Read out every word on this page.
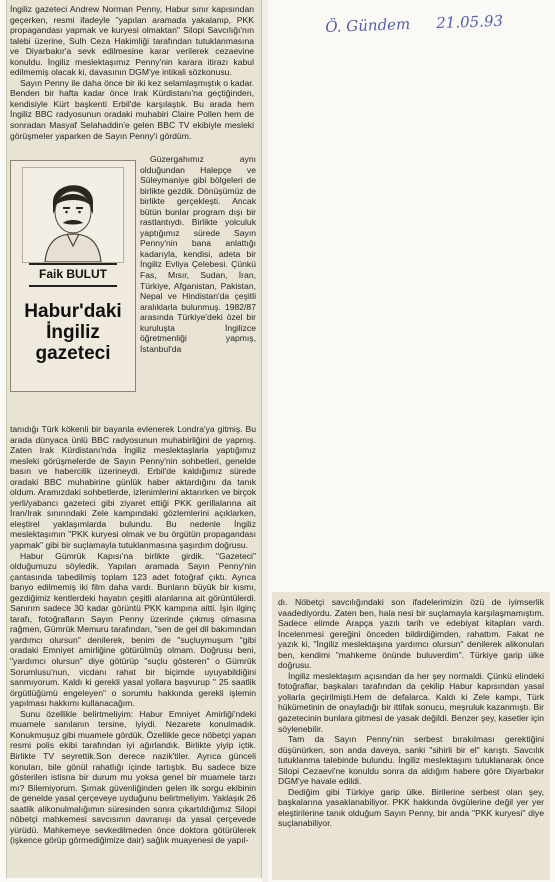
Ö. Gündem 21.05.93

İngiliz gazeteci Andrew Norman Penny, Habur sınır kapısından geçerken, resmi ifadeyle "yapılan aramada yakalanıp, PKK propagandası yapmak ve kuryesi olmaktan" Silopi Savcılığı'nın talebi üzerine, Sulh Ceza Hakimliği tarafından tutuklanmasına ve Diyarbakır'a sevk edilmesine karar verilerek cezaevine konuldu. İngiliz meslektaşımız Penny'nin karara itirazı kabul edilmemiş olacak ki, davasının DGM'ye intikali sözkonusu.

Sayın Penny ile daha önce bir iki kez selamlaşmıştık o kadar. Benden bir hafta kadar önce Irak Kürdistanı'na geçtiğinden, kendisiyle Kürt başkenti Erbil'de karşılaştık. Bu arada hem İngiliz BBC radyosunun oradaki muhabiri Claire Pollen hem de sonradan Masyaf Selahaddin'e gelen BBC TV ekibiyle mesleki görüşmeler yaparken de Sayın Penny'i gördüm.

Faik BULUT
Habur'daki İngiliz gazeteci
Güzergahımız aynı olduğundan Halepçe ve Süleymaniye gibi bölgeleri de birlikte gezdik. Dönüşümüz de birlikte gerçekleşti. Ancak bütün bunlar program dışı bir rastlantıydı. Birlikte yolculuk yaptığımız sürede Sayın Penny'nin bana anlattığı kadarıyla, kendisi, adeta bir İngiliz Evliya Çelebesi. Çünkü Fas, Mısır, Sudan, İran, Türkiye, Afganistan, Pakistan, Nepal ve Hindistan'da çeşitli aralıklarla bulunmuş. 1982/87 arasında Türkiye'deki özel bir kuruluşta İngilizce öğretmenliği yapmış, İstanbul'da

tanıdığı Türk kökenli bir bayanla evlenerek Londra'ya gitmiş. Bu arada dünyaca ünlü BBC radyosunun muhabirliğini de yapmış. Zaten Irak Kürdistanı'nda İngiliz meslektaşlarla yaptığımız mesleki görüşmelerde de Sayın Penny'nin sohbetleri, genelde basın ve habercilik üzerineydi. Erbil'de kaldığımız sürede oradaki BBC muhabirine günlük haber aktardığını da tanık oldum. Aramızdaki sohbetlerde, izlenimlerini aktarırken ve birçok yerli/yabancı gazeteci gibi ziyaret ettiği PKK gerillalarına ait İran/Irak sınırındaki Zele kampındaki gözlemlerini açıklarken, eleştirel yaklaşımlarda bulundu. Bu nedenle İngiliz meslektaşımın "PKK kuryesi olmak ve bu örgütün propagandası yapmak" gibi bir suçlamayla tutuklanmasına şaşırdım doğrusu.

Habur Gümrük Kapısı'na birlikte girdik. "Gazeteci" olduğumuzu söyledik. Yapılan aramada Sayın Penny'nin çantasında tabedilmiş toplam 123 adet fotoğraf çıktı. Ayrıca banyo edilmemiş iki film daha vardı. Bunların büyük bir kısmı, gezdiğimiz kentlerdeki hayatın çeşitli alanlarına ait görüntülerdi. Sanırım sadece 30 kadar görüntü PKK kampına aitti. İşin ilginç tarafı, fotoğrafların Sayın Penny üzerinde çıkmış olmasına rağmen, Gümrük Memuru tarafından, "sen de gel dil bakımından yardımcı olursun" denilerek, benim de "suçluymuşum "gibi oradaki Emniyet amirliğine götürülmüş olmam. Doğrusu beni, "yardımcı olursun" diye götürüp "suçlu gösteren" o Gümrük Sorumlusu'nun, vicdanı rahat bir biçimde uyuyabildiğini sanmıyorum. Kaldı ki gerekli yasal yollara başvurup " 25 saatlik örgütlüğümü engeleyen" o sorumlu hakkında gerekli işlemin yapılması hakkımı kullanacağım.

Sunu özellikle belirtmeliyim: Habur Emniyet Amirliği'ndeki muamele sanılanın tersine, iyiydi. Nezarete konulmadık. Konukmuşuz gibi muamele gördük. Özellikle gece nöbetçi yapan resmi polis ekibi tarafından iyi ağırlandık. Birlikte yiyip içtik. Birlikte TV seyrettik.Son derece nazik'tiler. Ayrıca günceli konuları, bile gönül rahatlığı içinde tartıştık. Bu sadece bize gösterilen istisna bir durum mu yoksa genel bir muamele tarzı mı? Bilemiyorum. Şırnak güvenliğinden gelen ilk sorgu ekibinin de genelde yasal çerçeveye uyduğunu belirtmeliyim. Yaklaşık 26 saatlik alikonulmalığımın süresinden sonra çıkartıldığımız Silopi nöbetçi mahkemesi savcısının davranışı da yasal çerçevede yürüdü. Mahkemeye sevkedilmeden önce doktora götürülerek (işkence görüp görmediğimize dair) sağlık muayenesi de yapıl-

dı. Nöbetçi savcılığındaki son ifadelerimizin özü de iyimserlik vaadediyordu. Zaten ben, hala nesi bir suçlamayla karşılaşmamıştım. Sadece elimde Arapça yazılı tarih ve edebiyat kitapları vardı. İncelenmesi gereğini önceden bildirdiğimden, rahattım. Fakat ne yazık ki, "İngiliz meslektaşına yardımcı olursun" denilerek alikonulan ben, kendimi "mahkeme önünde buluverdim". Türkiye garip ülke doğrusu.

İngiliz meslektaşım açısından da her şey normaldi. Çünkü elindeki fotoğraflar, başkaları tarafından da çekilip Habur kapısından yasal yollarla geçirilmişti.Hem de defalarca. Kaldı ki Zele kampı, Türk hükümetinin de onayladığı bir ittifak sonucu, meşruluk kazanmıştı. Bir gazetecinin bunlara gitmesi de yasak değildi. Benzer şey, kasetler için söylenebilir.

Tam da Sayın Penny'nin serbest bırakılması gerektiğini düşünürken, son anda daveya, sanki "sihirli bir el" karıştı. Savcılık tutuklanma talebinde bulundu. İngiliz meslektaşım tutuklanarak önce Silopi Cezaevi'ne konuldu sonra da aldığım habere göre Diyarbakır DGM'ye havale edildi.

Dediğim gibi Türkiye garip ülke. Birilerine serbest olan şey, başkalarına yasaklanabiliyor. PKK hakkında övgülerine değil yer yer eleştirilerine tanık olduğum Sayın Penny, bir anda "PKK kuryesi" diye suçlanabiliyor.
